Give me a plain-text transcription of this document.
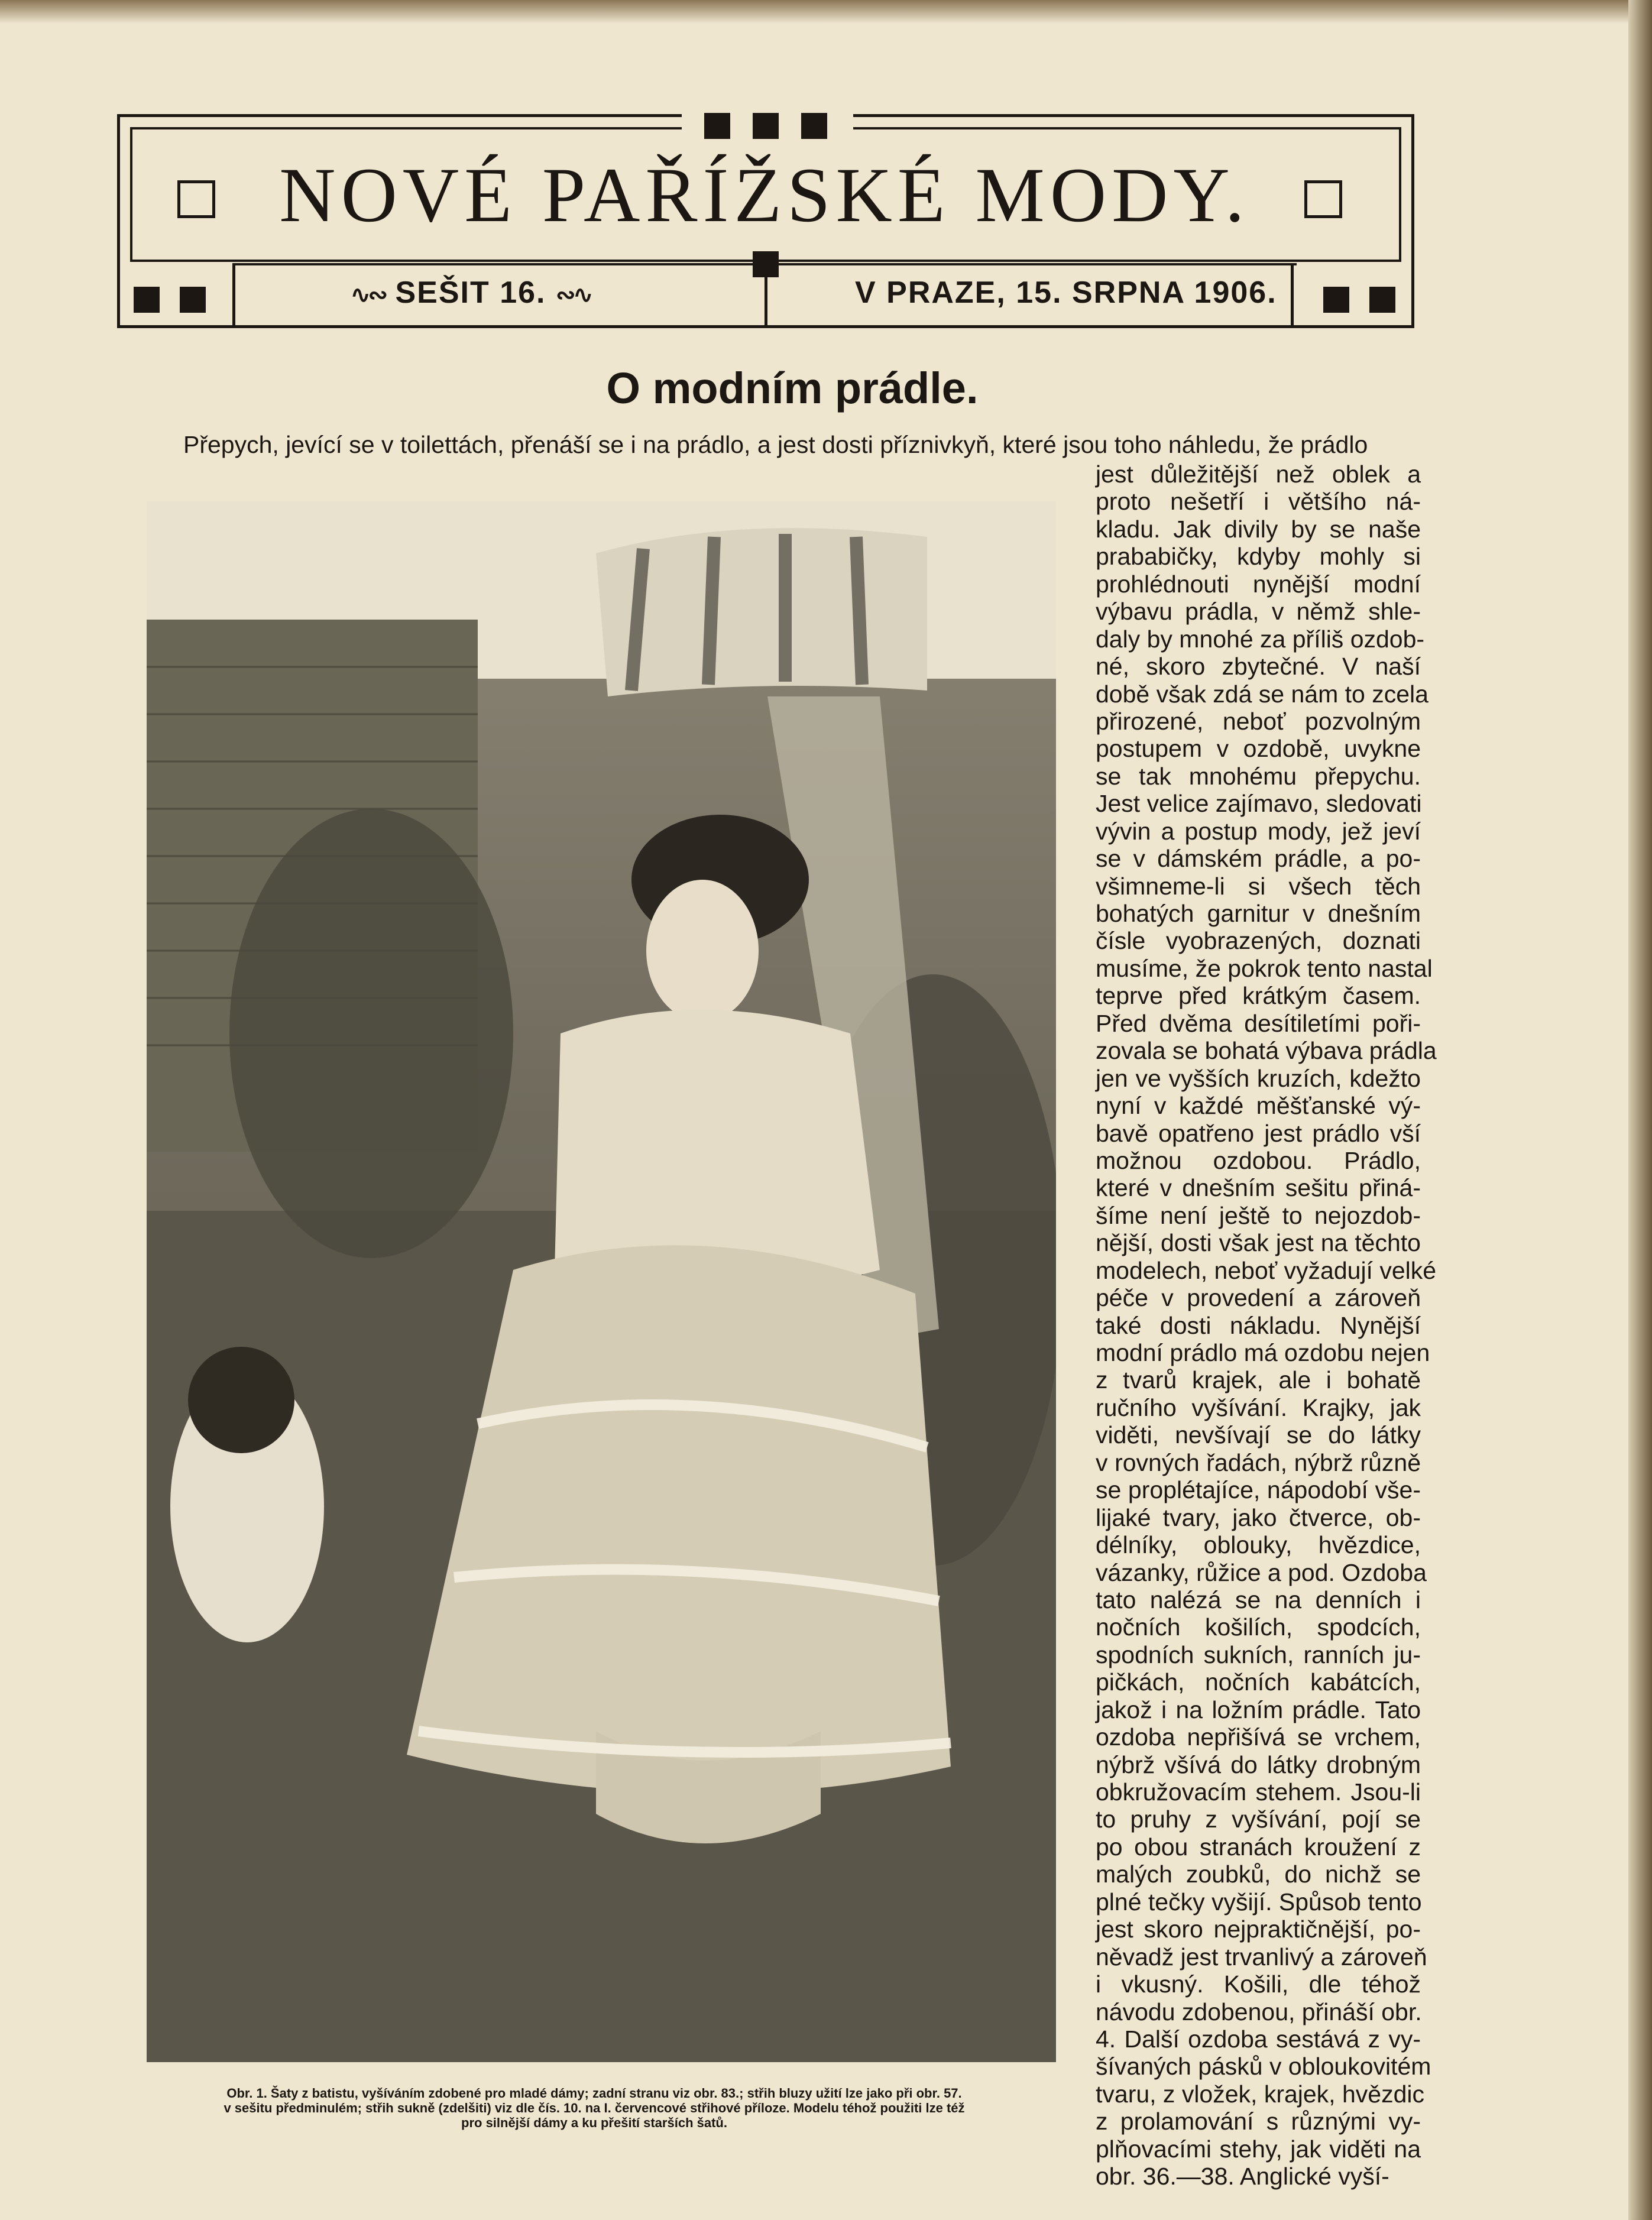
NOVÉ PAŘÍŽSKÉ MODY.
∿∾ SEŠIT 16. ∾∿	V PRAZE, 15. SRPNA 1906.
O modním prádle.
Přepych, jevící se v toilettách, přenáší se i na prádlo, a jest dosti příznivkyň, které jsou toho náhledu, že prádlo
Obr. 1. Šaty z batistu, vyšíváním zdobené pro mladé dámy; zadní stranu viz obr. 83.; střih bluzy užití lze jako při obr. 57.
v sešitu předminulém; střih sukně (zdelšiti) viz dle čís. 10. na I. červencové střihové příloze. Modelu téhož použiti lze též
pro silnější dámy a ku přešití starších šatů.
jest důležitější než oblek a
proto nešetří i většího ná-
kladu. Jak divily by se naše
prababičky, kdyby mohly si
prohlédnouti nynější modní
výbavu prádla, v němž shle-
daly by mnohé za příliš ozdob-
né, skoro zbytečné. V naší
době však zdá se nám to zcela
přirozené, neboť pozvolným
postupem v ozdobě, uvykne
se tak mnohému přepychu.
Jest velice zajímavo, sledovati
vývin a postup mody, jež jeví
se v dámském prádle, a po-
všimneme-li si všech těch
bohatých garnitur v dnešním
čísle vyobrazených, doznati
musíme, že pokrok tento nastal
teprve před krátkým časem.
Před dvěma desítiletími poři-
zovala se bohatá výbava prádla
jen ve vyšších kruzích, kdežto
nyní v každé měšťanské vý-
bavě opatřeno jest prádlo vší
možnou ozdobou. Prádlo,
které v dnešním sešitu přiná-
šíme není ještě to nejozdob-
nější, dosti však jest na těchto
modelech, neboť vyžadují velké
péče v provedení a zároveň
také dosti nákladu. Nynější
modní prádlo má ozdobu nejen
z tvarů krajek, ale i bohatě
ručního vyšívání. Krajky, jak
viděti, nevšívají se do látky
v rovných řadách, nýbrž různě
se proplétajíce, nápodobí vše-
lijaké tvary, jako čtverce, ob-
délníky, oblouky, hvězdice,
vázanky, růžice a pod. Ozdoba
tato nalézá se na denních i
nočních košilích, spodcích,
spodních sukních, ranních ju-
pičkách, nočních kabátcích,
jakož i na ložním prádle. Tato
ozdoba nepřišívá se vrchem,
nýbrž všívá do látky drobným
obkružovacím stehem. Jsou-li
to pruhy z vyšívání, pojí se
po obou stranách kroužení z
malých zoubků, do nichž se
plné tečky vyšijí. Spůsob tento
jest skoro nejpraktičnější, po-
něvadž jest trvanlivý a zároveň
i vkusný. Košili, dle téhož
návodu zdobenou, přináší obr.
4. Další ozdoba sestává z vy-
šívaných pásků v obloukovitém
tvaru, z vložek, krajek, hvězdic
z prolamování s různými vy-
plňovacími stehy, jak viděti na
obr. 36.—38. Anglické vyší-
